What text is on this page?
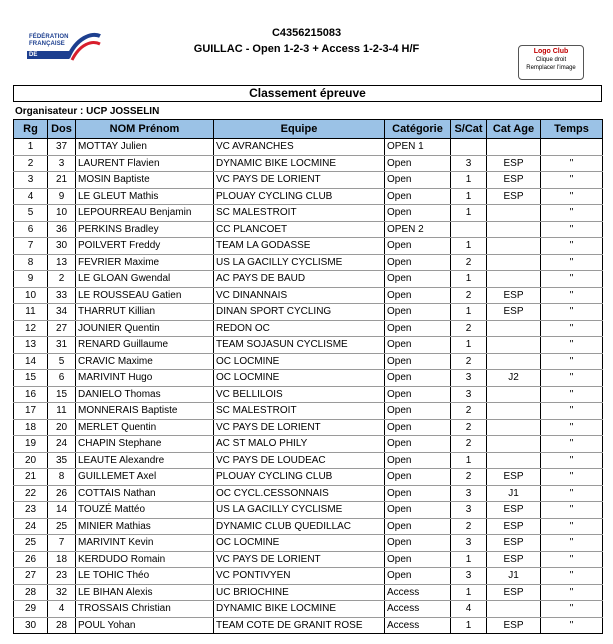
FÉDÉRATION
FRANÇAISE
DE CYCLISME
C4356215083
GUILLAC - Open 1-2-3 + Access 1-2-3-4 H/F	Logo Club
Clique droit
Remplacer l'image
Classement épreuve
Organisateur : UCP JOSSELIN
Rg	Dos	NOM Prénom	Equipe	Catégorie	S/Cat	Cat Age	Temps
1	37	MOTTAY Julien	VC AVRANCHES	OPEN 1			
2	3	LAURENT Flavien	DYNAMIC BIKE LOCMINE	Open	3	ESP	"
3	21	MOSIN Baptiste	VC PAYS DE LORIENT	Open	1	ESP	"
4	9	LE GLEUT Mathis	PLOUAY CYCLING CLUB	Open	1	ESP	"
5	10	LEPOURREAU Benjamin	SC MALESTROIT	Open	1		"
6	36	PERKINS Bradley	CC PLANCOET	OPEN 2			"
7	30	POILVERT Freddy	TEAM LA GODASSE	Open	1		"
8	13	FEVRIER Maxime	US LA GACILLY CYCLISME	Open	2		"
9	2	LE GLOAN Gwendal	AC PAYS DE BAUD	Open	1		"
10	33	LE ROUSSEAU Gatien	VC DINANNAIS	Open	2	ESP	"
11	34	THARRUT Killian	DINAN SPORT CYCLING	Open	1	ESP	"
12	27	JOUNIER Quentin	REDON OC	Open	2		"
13	31	RENARD Guillaume	TEAM SOJASUN CYCLISME	Open	1		"
14	5	CRAVIC Maxime	OC LOCMINE	Open	2		"
15	6	MARIVINT Hugo	OC LOCMINE	Open	3	J2	"
16	15	DANIELO Thomas	VC BELLILOIS	Open	3		"
17	11	MONNERAIS Baptiste	SC MALESTROIT	Open	2		"
18	20	MERLET Quentin	VC PAYS DE LORIENT	Open	2		"
19	24	CHAPIN Stephane	AC ST MALO PHILY	Open	2		"
20	35	LEAUTE Alexandre	VC PAYS DE LOUDEAC	Open	1		"
21	8	GUILLEMET Axel	PLOUAY CYCLING CLUB	Open	2	ESP	"
22	26	COTTAIS Nathan	OC CYCL.CESSONNAIS	Open	3	J1	"
23	14	TOUZÉ Mattéo	US LA GACILLY CYCLISME	Open	3	ESP	"
24	25	MINIER Mathias	DYNAMIC CLUB QUEDILLAC	Open	2	ESP	"
25	7	MARIVINT Kevin	OC LOCMINE	Open	3	ESP	"
26	18	KERDUDO Romain	VC PAYS DE LORIENT	Open	1	ESP	"
27	23	LE TOHIC Théo	VC PONTIVYEN	Open	3	J1	"
28	32	LE BIHAN Alexis	UC BRIOCHINE	Access	1	ESP	"
29	4	TROSSAIS Christian	DYNAMIC BIKE LOCMINE	Access	4		"
30	28	POUL Yohan	TEAM COTE DE GRANIT ROSE	Access	1	ESP	"
